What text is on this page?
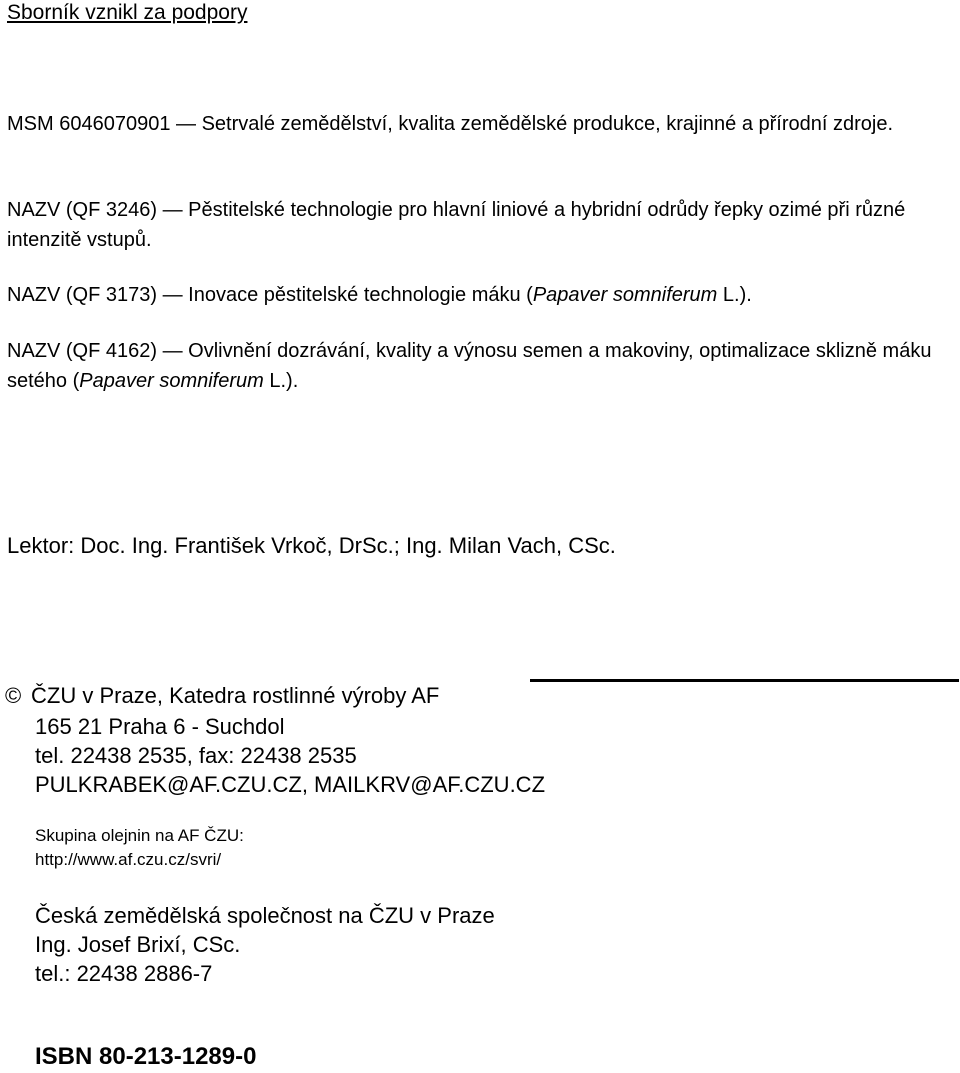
Sborník vznikl za podpory
MSM 6046070901 — Setrvalé zemědělství, kvalita zemědělské produkce, krajinné a přírodní zdroje.
NAZV (QF 3246) — Pěstitelské technologie pro hlavní liniové a hybridní odrůdy řepky ozimé při různé intenzitě vstupů.
NAZV (QF 3173) — Inovace pěstitelské technologie máku (Papaver somniferum L.).
NAZV (QF 4162) — Ovlivnění dozrávání, kvality a výnosu semen a makoviny, optimalizace sklizně máku setého (Papaver somniferum L.).
Lektor: Doc. Ing. František Vrkoč, DrSc.; Ing. Milan Vach, CSc.
© ČZU v Praze, Katedra rostlinné výroby AF
165 21 Praha 6 - Suchdol
tel. 22438 2535, fax: 22438 2535
PULKRABEK@AF.CZU.CZ, MAILKRV@AF.CZU.CZ
Skupina olejnin na AF ČZU:
http://www.af.czu.cz/svri/
Česká zemědělská společnost na ČZU v Praze
Ing. Josef Brixí, CSc.
tel.: 22438 2886-7
ISBN 80-213-1289-0
